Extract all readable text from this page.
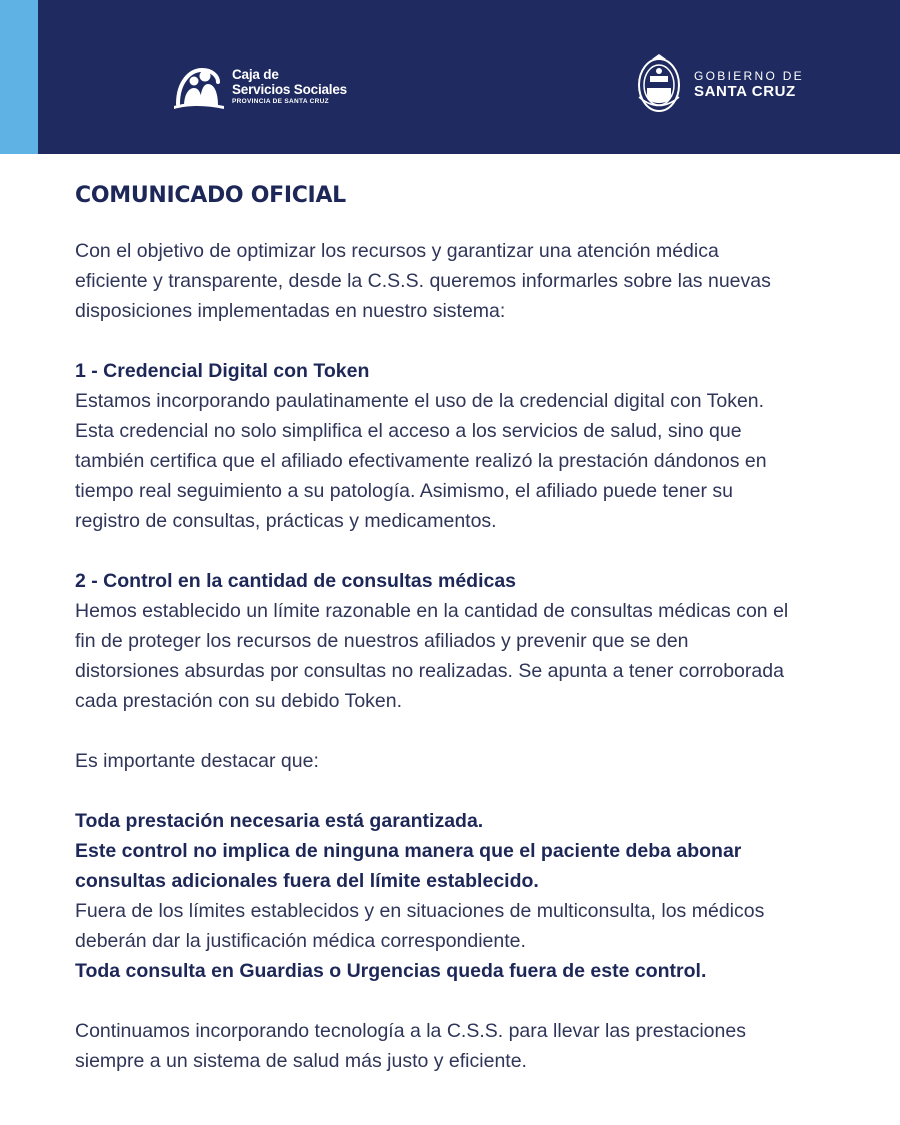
Caja de
Servicios Sociales
PROVINCIA DE SANTA CRUZ
GOBIERNO DE
SANTA CRUZ
COMUNICADO OFICIAL
Con el objetivo de optimizar los recursos y garantizar una atención médica
eficiente y transparente, desde la C.S.S. queremos informarles sobre las nuevas
disposiciones implementadas en nuestro sistema:
1 - Credencial Digital con Token
Estamos incorporando paulatinamente el uso de la credencial digital con Token.
Esta credencial no solo simplifica el acceso a los servicios de salud, sino que
también certifica que el afiliado efectivamente realizó la prestación dándonos en
tiempo real seguimiento a su patología. Asimismo, el afiliado puede tener su
registro de consultas, prácticas y medicamentos.
2 - Control en la cantidad de consultas médicas
Hemos establecido un límite razonable en la cantidad de consultas médicas con el
fin de proteger los recursos de nuestros afiliados y prevenir que se den
distorsiones absurdas por consultas no realizadas. Se apunta a tener corroborada
cada prestación con su debido Token.
Es importante destacar que:
Toda prestación necesaria está garantizada.
Este control no implica de ninguna manera que el paciente deba abonar
consultas adicionales fuera del límite establecido.
Fuera de los límites establecidos y en situaciones de multiconsulta, los médicos
deberán dar la justificación médica correspondiente.
Toda consulta en Guardias o Urgencias queda fuera de este control.
Continuamos incorporando tecnología a la C.S.S. para llevar las prestaciones
siempre a un sistema de salud más justo y eficiente.
